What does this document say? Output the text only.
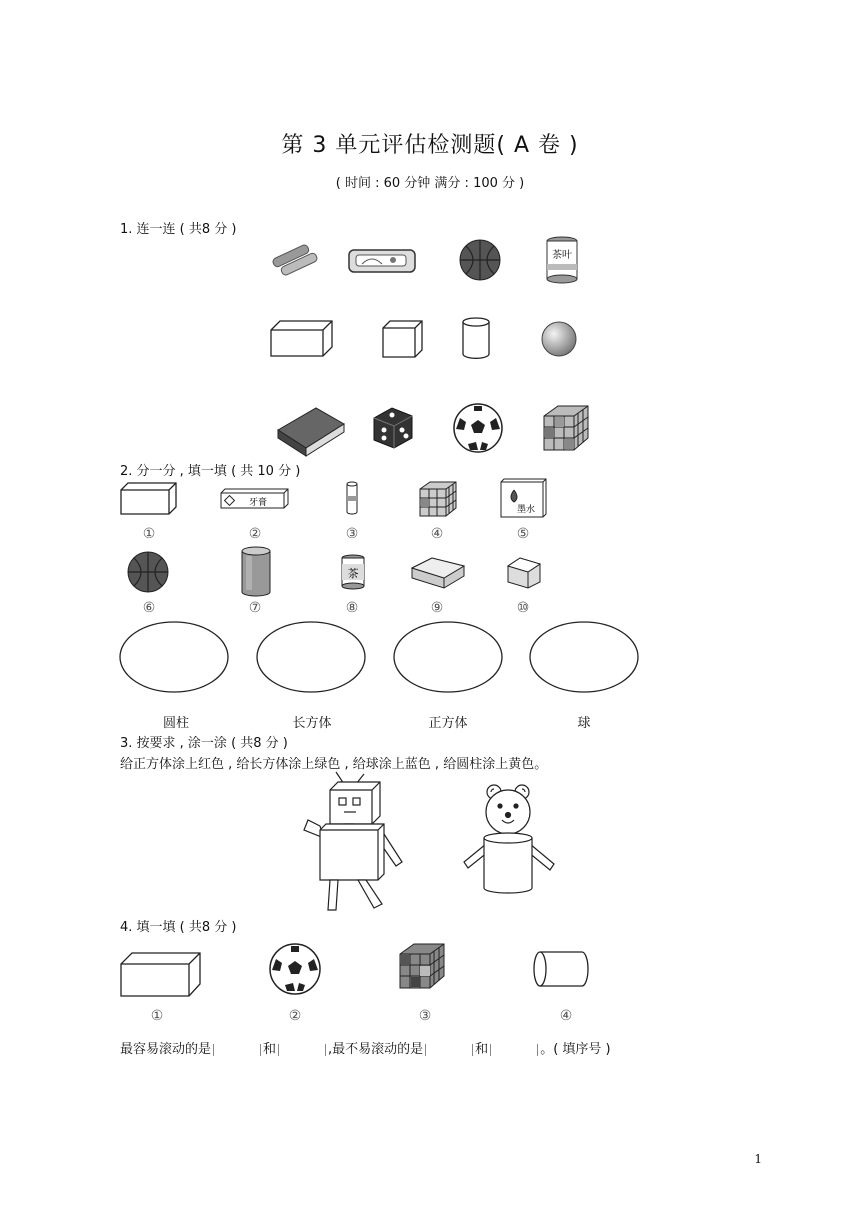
第 3 单元评估检测题( A 卷 )
( 时间 : 60 分钟 满分 : 100 分 )
1. 连一连 ( 共8 分 )
茶叶
2. 分一分 , 填一填 ( 共 10 分 )
牙膏
墨水
①	②	③	④	⑤
茶
⑥	⑦	⑧	⑨	⑩
圆柱	长方体	正方体	球
3. 按要求 , 涂一涂 ( 共8 分 )
给正方体涂上红色 , 给长方体涂上绿色 , 给球涂上蓝色 , 给圆柱涂上黄色。
4. 填一填 ( 共8 分 )
①	②	③	④
最容易滚动的是	和	,最不易滚动的是	和	。( 填序号 )
1
